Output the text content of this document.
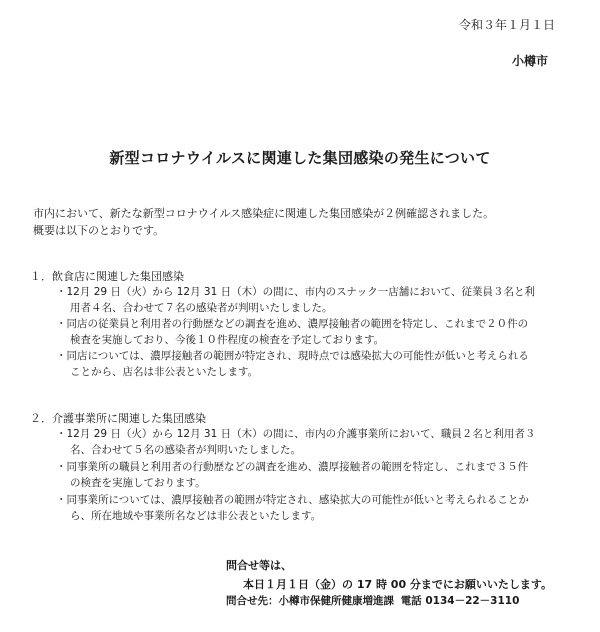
令和３年１月１日
小樽市
新型コロナウイルスに関連した集団感染の発生について
市内において、新たな新型コロナウイルス感染症に関連した集団感染が２例確認されました。
概要は以下のとおりです。
１．飲食店に関連した集団感染
・12月 29 日（火）から 12月 31 日（木）の間に、市内のスナック一店舗において、従業員３名と利
用者４名、合わせて７名の感染者が判明いたしました。
・同店の従業員と利用者の行動歴などの調査を進め、濃厚接触者の範囲を特定し、これまで２０件の
検査を実施しており、今後１０件程度の検査を予定しております。
・同店については、濃厚接触者の範囲が特定され、現時点では感染拡大の可能性が低いと考えられる
ことから、店名は非公表といたします。
２．介護事業所に関連した集団感染
・12月 29 日（火）から 12月 31 日（木）の間に、市内の介護事業所において、職員２名と利用者３
名、合わせて５名の感染者が判明いたしました。
・同事業所の職員と利用者の行動歴などの調査を進め、濃厚接触者の範囲を特定し、これまで３５件
の検査を実施しております。
・同事業所については、濃厚接触者の範囲が特定され、感染拡大の可能性が低いと考えられることか
ら、所在地域や事業所名などは非公表といたします。
問合せ等は、
本日１月１日（金）の 17 時 00 分までにお願いいたします。
問合せ先：小樽市保健所健康増進課 電話 0134－22－3110
